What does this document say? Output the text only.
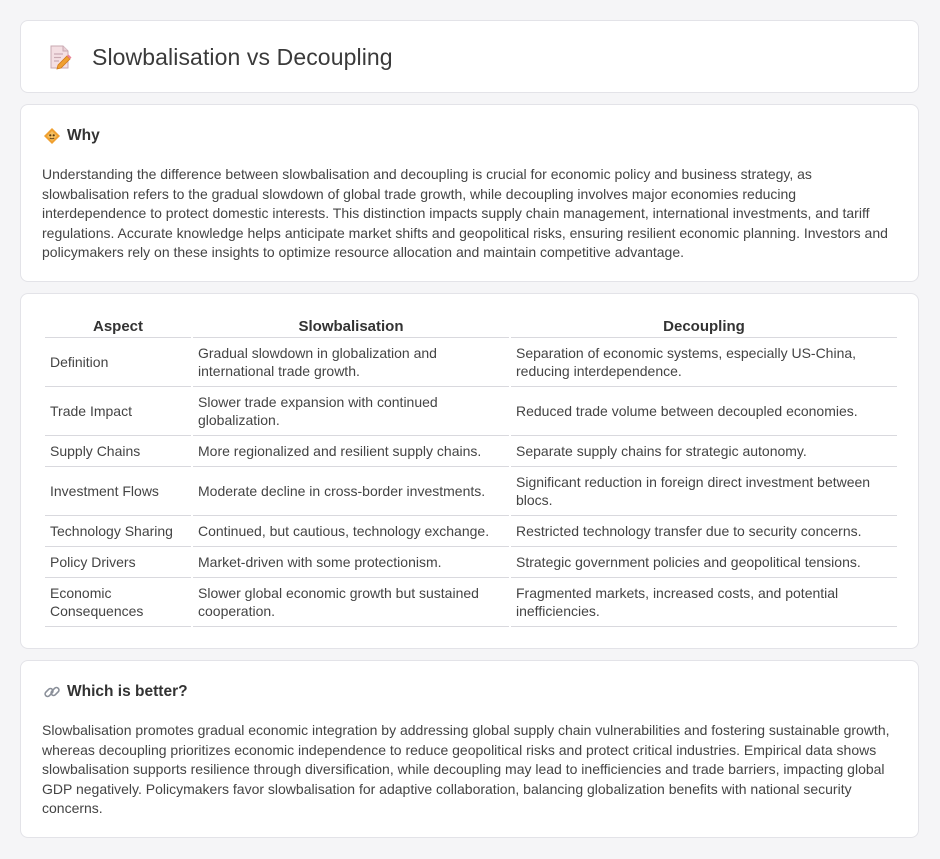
Slowbalisation vs Decoupling
Why

Understanding the difference between slowbalisation and decoupling is crucial for economic policy and business strategy, as slowbalisation refers to the gradual slowdown of global trade growth, while decoupling involves major economies reducing interdependence to protect domestic interests. This distinction impacts supply chain management, international investments, and tariff regulations. Accurate knowledge helps anticipate market shifts and geopolitical risks, ensuring resilient economic planning. Investors and policymakers rely on these insights to optimize resource allocation and maintain competitive advantage.

Aspect	Slowbalisation	Decoupling
Definition	Gradual slowdown in globalization and international trade growth.	Separation of economic systems, especially US-China, reducing interdependence.
Trade Impact	Slower trade expansion with continued globalization.	Reduced trade volume between decoupled economies.
Supply Chains	More regionalized and resilient supply chains.	Separate supply chains for strategic autonomy.
Investment Flows	Moderate decline in cross-border investments.	Significant reduction in foreign direct investment between blocs.
Technology Sharing	Continued, but cautious, technology exchange.	Restricted technology transfer due to security concerns.
Policy Drivers	Market-driven with some protectionism.	Strategic government policies and geopolitical tensions.
Economic Consequences	Slower global economic growth but sustained cooperation.	Fragmented markets, increased costs, and potential inefficiencies.
Which is better?

Slowbalisation promotes gradual economic integration by addressing global supply chain vulnerabilities and fostering sustainable growth, whereas decoupling prioritizes economic independence to reduce geopolitical risks and protect critical industries. Empirical data shows slowbalisation supports resilience through diversification, while decoupling may lead to inefficiencies and trade barriers, impacting global GDP negatively. Policymakers favor slowbalisation for adaptive collaboration, balancing globalization benefits with national security concerns.
